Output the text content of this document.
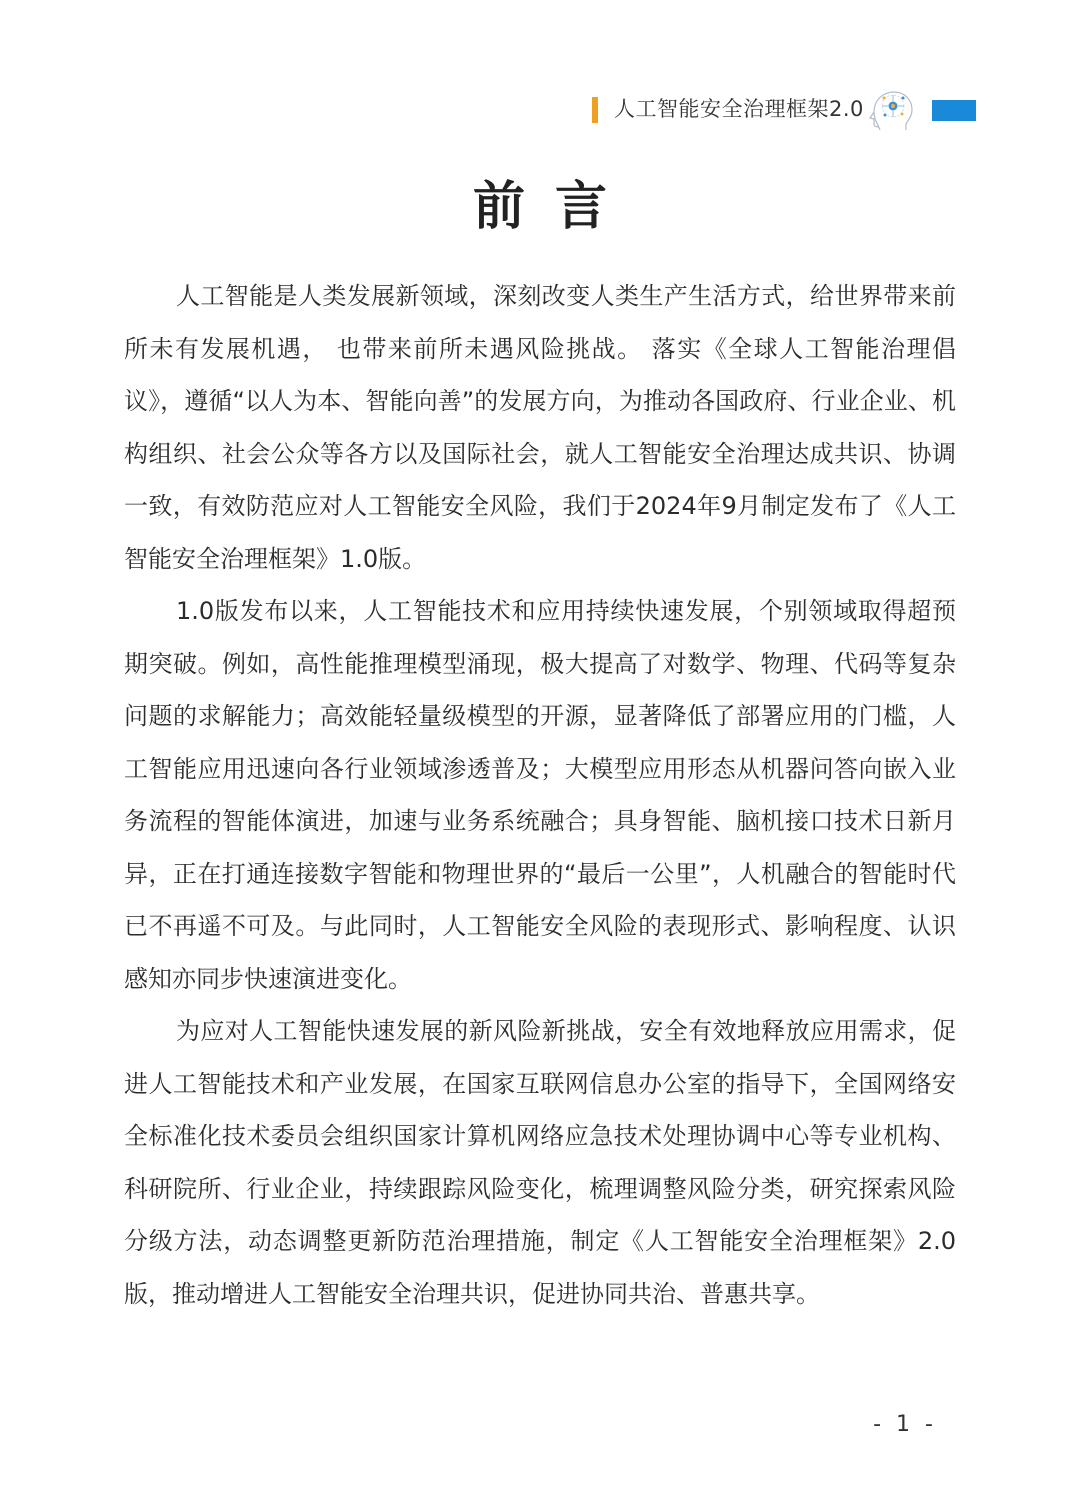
人工智能安全治理框架2.0
前言

人工智能是人类发展新领域，深刻改变人类生产生活方式，给世界带来前所未有发展机遇， 也带来前所未遇风险挑战。 落实《全球人工智能治理倡议》，遵循“以人为本、智能向善”的发展方向，为推动各国政府、行业企业、机构组织、社会公众等各方以及国际社会，就人工智能安全治理达成共识、协调一致，有效防范应对人工智能安全风险，我们于2024年9月制定发布了《人工智能安全治理框架》1.0版。

1.0版发布以来，人工智能技术和应用持续快速发展，个别领域取得超预期突破。例如，高性能推理模型涌现，极大提高了对数学、物理、代码等复杂问题的求解能力；高效能轻量级模型的开源，显著降低了部署应用的门槛，人工智能应用迅速向各行业领域渗透普及；大模型应用形态从机器问答向嵌入业务流程的智能体演进，加速与业务系统融合；具身智能、脑机接口技术日新月异，正在打通连接数字智能和物理世界的“最后一公里”，人机融合的智能时代已不再遥不可及。与此同时，人工智能安全风险的表现形式、影响程度、认识感知亦同步快速演进变化。

为应对人工智能快速发展的新风险新挑战，安全有效地释放应用需求，促进人工智能技术和产业发展，在国家互联网信息办公室的指导下，全国网络安全标准化技术委员会组织国家计算机网络应急技术处理协调中心等专业机构、科研院所、行业企业，持续跟踪风险变化，梳理调整风险分类，研究探索风险分级方法，动态调整更新防范治理措施，制定《人工智能安全治理框架》2.0版，推动增进人工智能安全治理共识，促进协同共治、普惠共享。

- 1 -
